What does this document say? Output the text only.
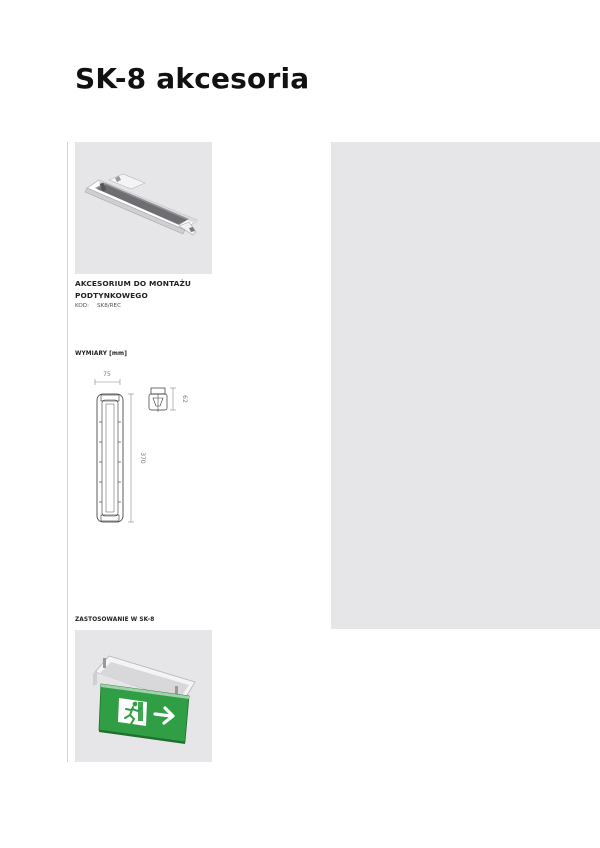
SK-8 akcesoria
AKCESORIUM DO MONTAŻU
PODTYNKOWEGO
KOD: SK8/REC
WYMIARY [mm]
75
370
62
ZASTOSOWANIE W SK-8
